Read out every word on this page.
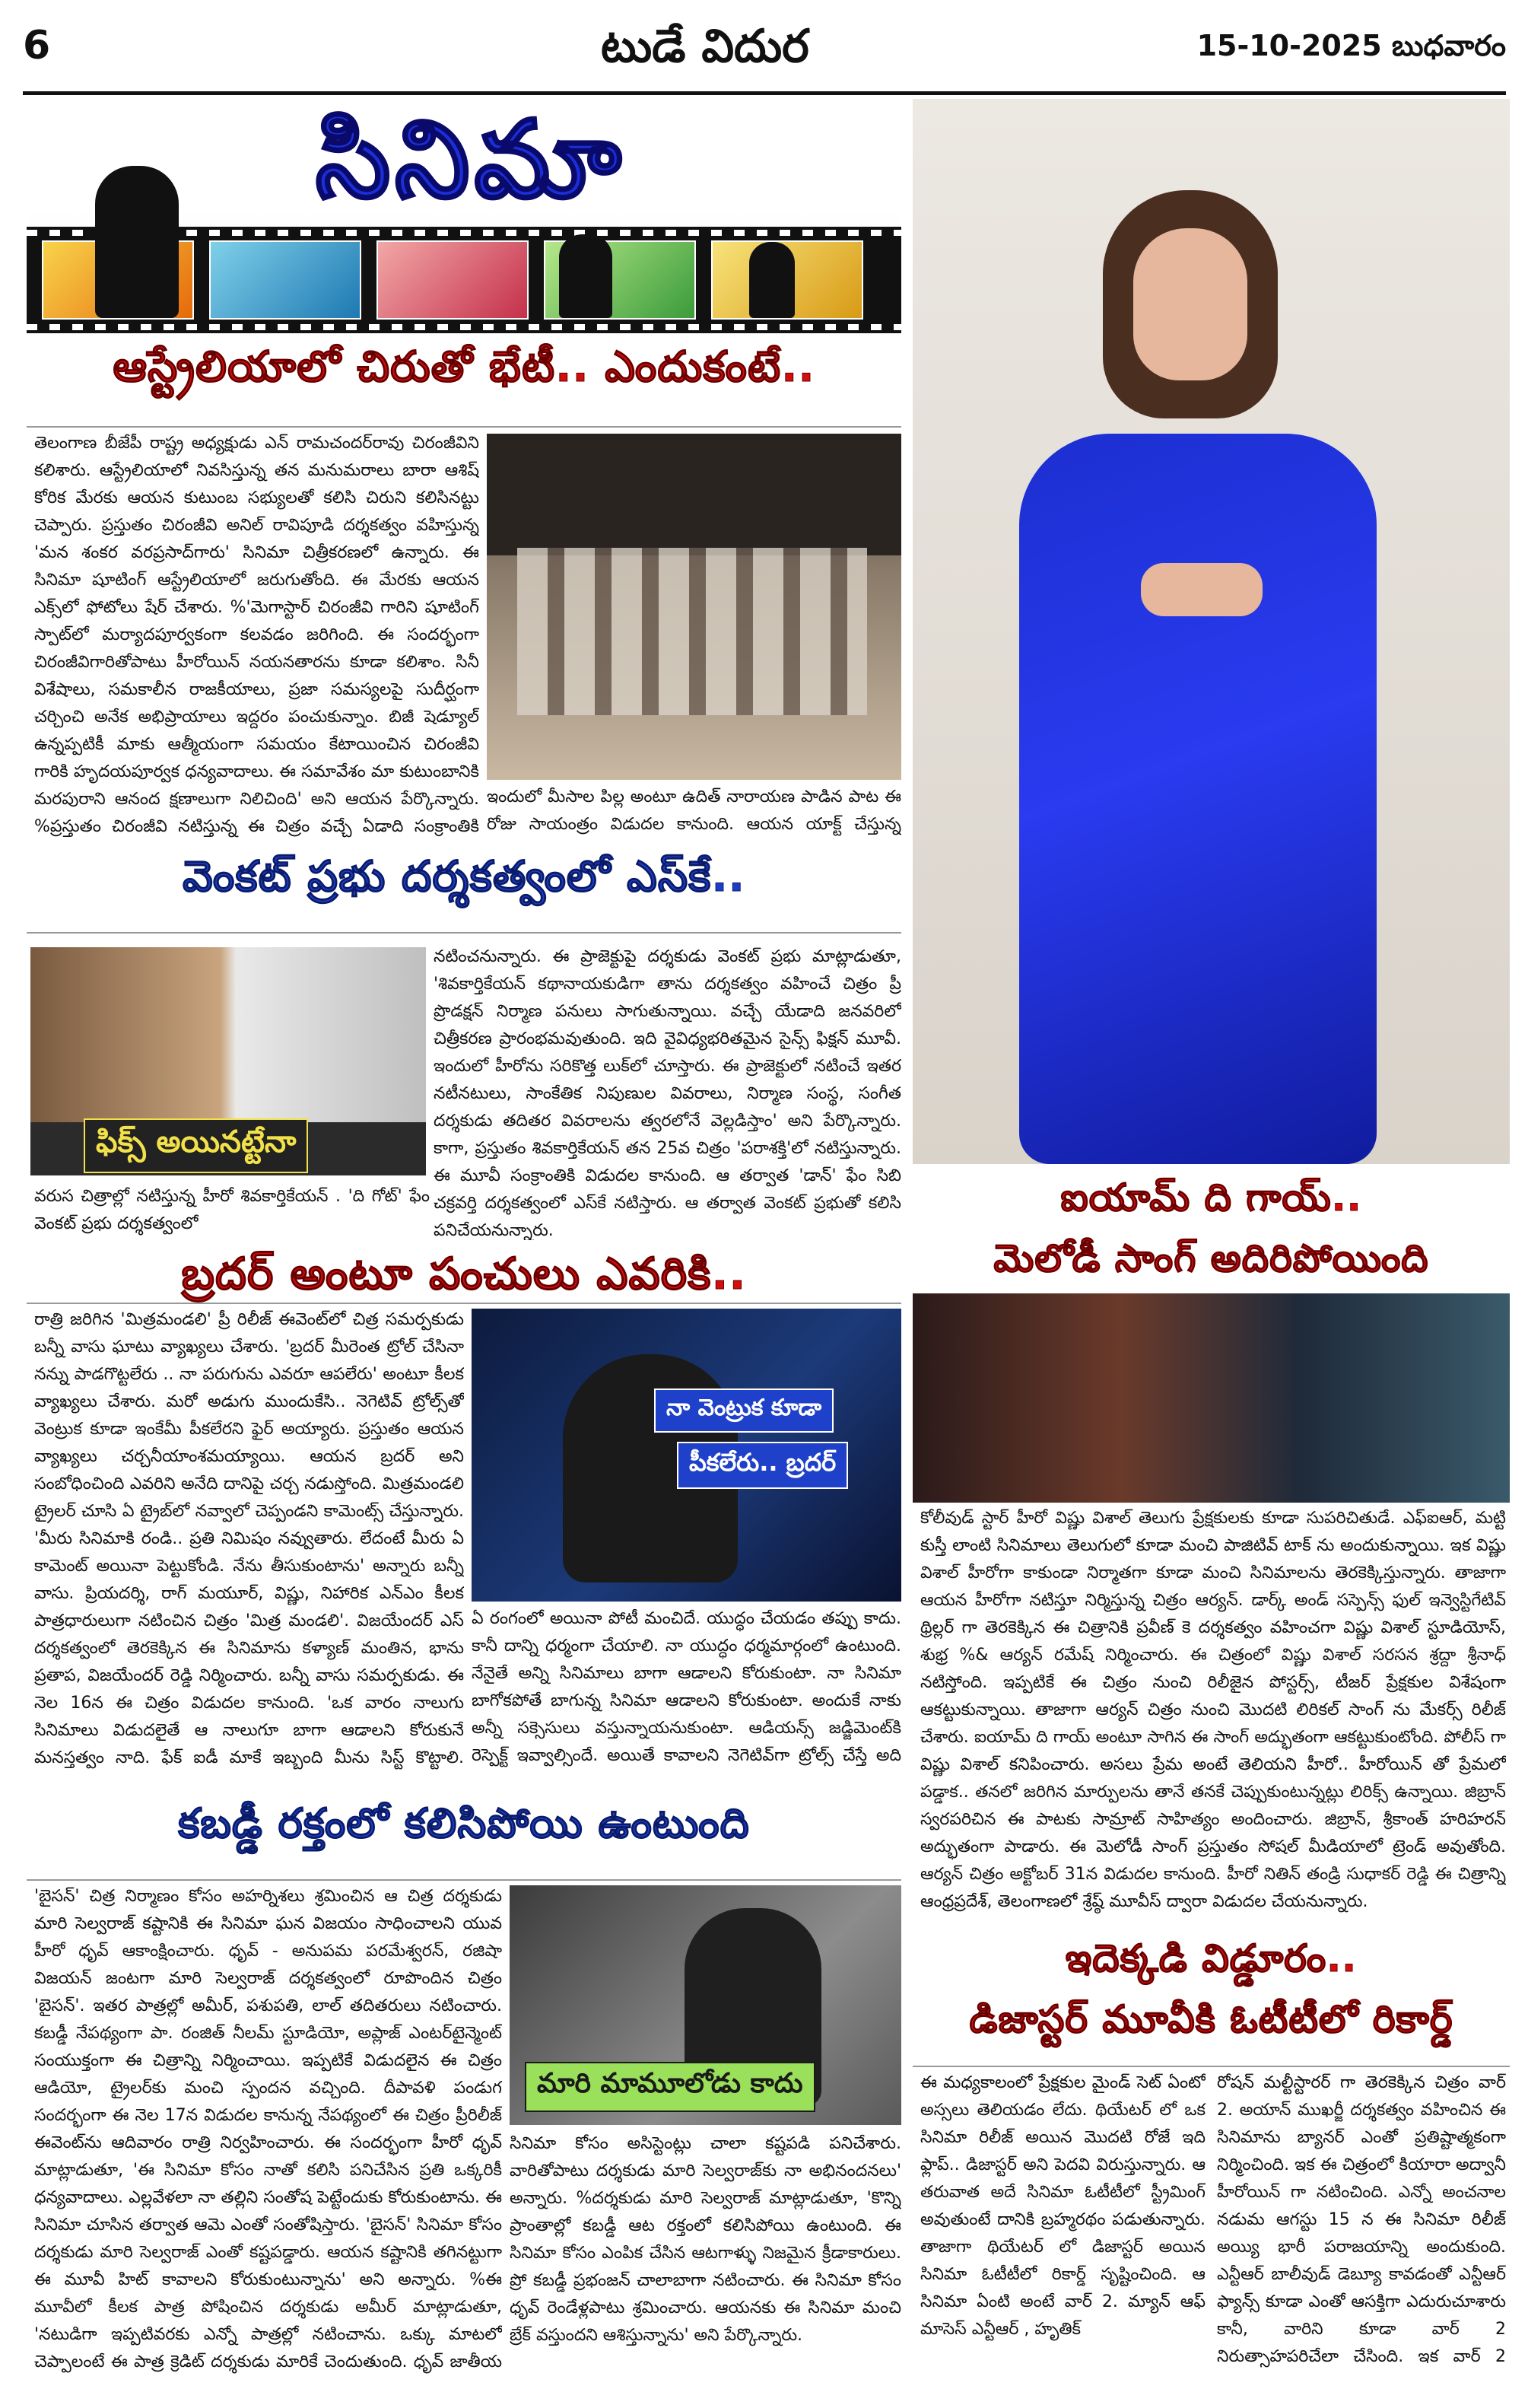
6	టుడే విదుర	15-10-2025 బుధవారం
సినిమా
ఆస్ట్రేలియాలో చిరుతో భేటీ.. ఎందుకంటే..
తెలంగాణ బీజేపీ రాష్ట్ర అధ్యక్షుడు ఎన్ రామచందర్‌రావు చిరంజీవిని కలిశారు. ఆస్ట్రేలియాలో నివసిస్తున్న తన మనుమరాలు బారా ఆశిష్ కోరిక మేరకు ఆయన కుటుంబ సభ్యులతో కలిసి చిరుని కలిసినట్టు చెప్పారు. ప్రస్తుతం చిరంజీవి అనిల్ రావిపూడి దర్శకత్వం వహిస్తున్న 'మన శంకర వరప్రసాద్‌గారు' సినిమా చిత్రీకరణలో ఉన్నారు. ఈ సినిమా షూటింగ్ ఆస్ట్రేలియాలో జరుగుతోంది. ఈ మేరకు ఆయన ఎక్స్‌లో ఫోటోలు షేర్ చేశారు. %'మెగాస్టార్ చిరంజీవి గారిని షూటింగ్ స్పాట్‌లో మర్యాదపూర్వకంగా కలవడం జరిగింది. ఈ సందర్భంగా చిరంజీవిగారితోపాటు హీరోయిన్ నయనతారను కూడా కలిశాం. సినీ విశేషాలు, సమకాలీన రాజకీయాలు, ప్రజా సమస్యలపై సుదీర్ఘంగా చర్చించి అనేక అభిప్రాయాలు ఇద్దరం పంచుకున్నాం. బిజీ షెడ్యూల్ ఉన్నప్పటికీ మాకు ఆత్మీయంగా సమయం కేటాయించిన చిరంజీవి గారికి హృదయపూర్వక ధన్యవాదాలు. ఈ సమావేశం మా కుటుంబానికి మరపురాని ఆనంద క్షణాలుగా నిలిచింది' అని ఆయన పేర్కొన్నారు. %ప్రస్తుతం చిరంజీవి నటిస్తున్న ఈ చిత్రం వచ్చే ఏడాది సంక్రాంతికి
ఇందులో మీసాల పిల్ల అంటూ ఉదిత్ నారాయణ పాడిన పాట ఈ రోజు సాయంత్రం విడుదల కానుంది. ఆయన యాక్ట్ చేస్తున్న
వెంకట్ ప్రభు దర్శకత్వంలో ఎస్‌కే..
ఫిక్స్ అయినట్టేనా
వరుస చిత్రాల్లో నటిస్తున్న హీరో శివకార్తికేయన్ . 'ది గోట్' ఫేం వెంకట్ ప్రభు దర్శకత్వంలో
నటించనున్నారు. ఈ ప్రాజెక్టుపై దర్శకుడు వెంకట్ ప్రభు మాట్లాడుతూ, 'శివకార్తికేయన్ కథానాయకుడిగా తాను దర్శకత్వం వహించే చిత్రం ప్రీ ప్రొడక్షన్ నిర్మాణ పనులు సాగుతున్నాయి. వచ్చే యేడాది జనవరిలో చిత్రీకరణ ప్రారంభమవుతుంది. ఇది వైవిధ్యభరితమైన సైన్స్ ఫిక్షన్ మూవీ. ఇందులో హీరోను సరికొత్త లుక్‌లో చూస్తారు. ఈ ప్రాజెక్టులో నటించే ఇతర నటీనటులు, సాంకేతిక నిపుణుల వివరాలు, నిర్మాణ సంస్థ, సంగీత దర్శకుడు తదితర వివరాలను త్వరలోనే వెల్లడిస్తాం' అని పేర్కొన్నారు. కాగా, ప్రస్తుతం శివకార్తికేయన్ తన 25వ చిత్రం 'పరాశక్తి'లో నటిస్తున్నారు. ఈ మూవీ సంక్రాంతికి విడుదల కానుంది. ఆ తర్వాత 'డాన్' ఫేం సిబి చక్రవర్తి దర్శకత్వంలో ఎస్‌కే నటిస్తారు. ఆ తర్వాత వెంకట్ ప్రభుతో కలిసి పనిచేయనున్నారు.
బ్రదర్ అంటూ పంచులు ఎవరికి..
రాత్రి జరిగిన 'మిత్రమండలి' ప్రీ రిలీజ్ ఈవెంట్‌లో చిత్ర సమర్పకుడు బన్నీ వాసు ఘాటు వ్యాఖ్యలు చేశారు. 'బ్రదర్ మీరెంత ట్రోల్ చేసినా నన్ను పాడగొట్టలేరు .. నా పరుగును ఎవరూ ఆపలేరు' అంటూ కీలక వ్యాఖ్యలు చేశారు. మరో అడుగు ముందుకేసి.. నెగెటివ్ ట్రోల్స్‌తో వెంట్రుక కూడా ఇంకేమీ పీకలేరని ఫైర్ అయ్యారు. ప్రస్తుతం ఆయన వ్యాఖ్యలు చర్చనీయాంశమయ్యాయి. ఆయన బ్రదర్ అని సంబోధించింది ఎవరిని అనేది దానిపై చర్చ నడుస్తోంది. మిత్రమండలి ట్రైలర్ చూసి ఏ ట్రైబ్‌లో నవ్వాలో చెప్పండని కామెంట్స్ చేస్తున్నారు. 'మీరు సినిమాకి రండి.. ప్రతి నిమిషం నవ్వుతారు. లేదంటే మీరు ఏ కామెంట్ అయినా పెట్టుకోండి. నేను తీసుకుంటాను' అన్నారు బన్నీ వాసు. ప్రియదర్శి, రాగ్ మయూర్, విష్ణు, నిహారిక ఎన్‌ఎం కీలక పాత్రధారులుగా నటించిన చిత్రం 'మిత్ర మండలి'. విజయేందర్ ఎస్ దర్శకత్వంలో తెరకెక్కిన ఈ సినిమాను కళ్యాణ్ మంతిన, భాను ప్రతాప, విజయేందర్ రెడ్డి నిర్మించారు. బన్నీ వాసు సమర్పకుడు. ఈ నెల 16న ఈ చిత్రం విడుదల కానుంది. 'ఒక వారం నాలుగు సినిమాలు విడుదలైతే ఆ నాలుగూ బాగా ఆడాలని కోరుకునే మనస్తత్వం నాది. ఫేక్ ఐడీ మాకే ఇబ్బంది మీను సిస్ట్ కొట్టాలి.
నా వెంట్రుక కూడా
పీకలేరు.. బ్రదర్
ఏ రంగంలో అయినా పోటీ మంచిదే. యుద్ధం చేయడం తప్పు కాదు. కానీ దాన్ని ధర్మంగా చేయాలి. నా యుద్ధం ధర్మమార్గంలో ఉంటుంది. నేనైతే అన్ని సినిమాలు బాగా ఆడాలని కోరుకుంటా. నా సినిమా బాగోకపోతే బాగున్న సినిమా ఆడాలని కోరుకుంటా. అందుకే నాకు అన్నీ సక్సెసులు వస్తున్నాయనుకుంటా. ఆడియన్స్ జడ్జిమెంట్‌కి రెస్పెక్ట్ ఇవ్వాల్సిందే. అయితే కావాలని నెగెటివ్‌గా ట్రోల్స్ చేస్తే అది
కబడ్డీ రక్తంలో కలిసిపోయి ఉంటుంది
'బైసన్' చిత్ర నిర్మాణం కోసం అహర్నిశలు శ్రమించిన ఆ చిత్ర దర్శకుడు మారి సెల్వరాజ్ కష్టానికి ఈ సినిమా ఘన విజయం సాధించాలని యువ హీరో ధృవ్ ఆకాంక్షించారు. ధృవ్ - అనుపమ పరమేశ్వరన్, రజిషా విజయన్ జంటగా మారి సెల్వరాజ్ దర్శకత్వంలో రూపొందిన చిత్రం 'బైసన్'. ఇతర పాత్రల్లో అమీర్, పశుపతి, లాల్ తదితరులు నటించారు. కబడ్డీ నేపథ్యంగా పా. రంజిత్ నీలమ్ స్టూడియో, అప్లాజ్ ఎంటర్‌టైన్మెంట్ సంయుక్తంగా ఈ చిత్రాన్ని నిర్మించాయి. ఇప్పటికే విడుదలైన ఈ చిత్రం ఆడియో, ట్రైలర్‌కు మంచి స్పందన వచ్చింది. దీపావళి పండుగ సందర్భంగా ఈ నెల 17న విడుదల కానున్న నేపథ్యంలో ఈ చిత్రం ప్రీరిలీజ్ ఈవెంట్‌ను ఆదివారం రాత్రి నిర్వహించారు. ఈ సందర్భంగా హీరో ధృవ్ మాట్లాడుతూ, 'ఈ సినిమా కోసం నాతో కలిసి పనిచేసిన ప్రతి ఒక్కరికీ ధన్యవాదాలు. ఎల్లవేళలా నా తల్లిని సంతోష పెట్టేందుకు కోరుకుంటాను. ఈ సినిమా చూసిన తర్వాత ఆమె ఎంతో సంతోషిస్తారు. 'బైసన్' సినిమా కోసం దర్శకుడు మారి సెల్వరాజ్ ఎంతో కష్టపడ్డారు. ఆయన కష్టానికి తగినట్టుగా ఈ మూవీ హిట్ కావాలని కోరుకుంటున్నాను' అని అన్నారు. %ఈ మూవీలో కీలక పాత్ర పోషించిన దర్శకుడు అమీర్ మాట్లాడుతూ, 'నటుడిగా ఇప్పటివరకు ఎన్నో పాత్రల్లో నటించాను. ఒక్కు మాటలో చెప్పాలంటే ఈ పాత్ర క్రెడిట్ దర్శకుడు మారికే చెందుతుంది. ధృవ్ జాతీయ
మారి మామూలోడు కాదు
సినిమా కోసం అసిస్టెంట్లు చాలా కష్టపడి పనిచేశారు. వారితోపాటు దర్శకుడు మారి సెల్వరాజ్‌కు నా అభినందనలు' అన్నారు. %దర్శకుడు మారి సెల్వరాజ్ మాట్లాడుతూ, 'కొన్ని ప్రాంతాల్లో కబడ్డీ ఆట రక్తంలో కలిసిపోయి ఉంటుంది. ఈ సినిమా కోసం ఎంపిక చేసిన ఆటగాళ్ళు నిజమైన క్రీడాకారులు. ప్రో కబడ్డీ ప్రభంజన్ చాలాబాగా నటించారు. ఈ సినిమా కోసం ధృవ్ రెండేళ్లపాటు శ్రమించారు. ఆయనకు ఈ సినిమా మంచి బ్రేక్ వస్తుందని ఆశిస్తున్నాను' అని పేర్కొన్నారు.
ఐయామ్ ది గాయ్..
మెలోడీ సాంగ్ అదిరిపోయింది
కోలీవుడ్ స్టార్ హీరో విష్ణు విశాల్ తెలుగు ప్రేక్షకులకు కూడా సుపరిచితుడే. ఎఫ్‌ఐఆర్, మట్టి కుస్తీ లాంటి సినిమాలు తెలుగులో కూడా మంచి పాజిటివ్ టాక్ ను అందుకున్నాయి. ఇక విష్ణు విశాల్ హీరోగా కాకుండా నిర్మాతగా కూడా మంచి సినిమాలను తెరకెక్కిస్తున్నారు. తాజాగా ఆయన హీరోగా నటిస్తూ నిర్మిస్తున్న చిత్రం ఆర్యన్. డార్క్ అండ్ సస్పెన్స్ ఫుల్ ఇన్వెస్టిగేటివ్ థ్రిల్లర్ గా తెరకెక్కిన ఈ చిత్రానికి ప్రవీణ్ కె దర్శకత్వం వహించగా విష్ణు విశాల్ స్టూడియోస్, శుభ్ర %& ఆర్యన్ రమేష్ నిర్మించారు. ఈ చిత్రంలో విష్ణు విశాల్ సరసన శ్రద్దా శ్రీనాధ్ నటిస్తోంది. ఇప్పటికే ఈ చిత్రం నుంచి రిలీజైన పోస్టర్స్, టీజర్ ప్రేక్షకుల విశేషంగా ఆకట్టుకున్నాయి. తాజాగా ఆర్యన్ చిత్రం నుంచి మొదటి లిరికల్ సాంగ్ ను మేకర్స్ రిలీజ్ చేశారు. ఐయామ్ ది గాయ్ అంటూ సాగిన ఈ సాంగ్ అద్భుతంగా ఆకట్టుకుంటోంది. పోలీస్ గా విష్ణు విశాల్ కనిపించారు. అసలు ప్రేమ అంటే తెలియని హీరో.. హీరోయిన్ తో ప్రేమలో పడ్డాక.. తనలో జరిగిన మార్పులను తానే తనకే చెప్పుకుంటున్నట్లు లిరిక్స్ ఉన్నాయి. జిబ్రాన్ స్వరపరిచిన ఈ పాటకు సామ్రాట్ సాహిత్యం అందించారు. జిబ్రాన్, శ్రీకాంత్ హరిహరన్ అద్భుతంగా పాడారు. ఈ మెలోడీ సాంగ్ ప్రస్తుతం సోషల్ మీడియాలో ట్రెండ్ అవుతోంది. ఆర్యన్ చిత్రం అక్టోబర్ 31న విడుదల కానుంది. హీరో నితిన్ తండ్రి సుధాకర్ రెడ్డి ఈ చిత్రాన్ని ఆంధ్రప్రదేశ్, తెలంగాణలో శ్రేష్ఠ్ మూవీస్ ద్వారా విడుదల చేయనున్నారు.
ఇదెక్కడి విడ్డూరం..
డిజాస్టర్ మూవీకి ఓటీటీలో రికార్డ్
ఈ మధ్యకాలంలో ప్రేక్షకుల మైండ్ సెట్ ఏంటో అస్సలు తెలియడం లేదు. థియేటర్ లో ఒక సినిమా రిలీజ్ అయిన మొదటి రోజే ఇది ఫ్లాప్.. డిజాస్టర్ అని పెదవి విరుస్తున్నారు. ఆ తరువాత అదే సినిమా ఓటీటీలో స్ట్రీమింగ్ అవుతుంటే దానికి బ్రహ్మరథం పడుతున్నారు. తాజాగా థియేటర్ లో డిజాస్టర్ అయిన సినిమా ఓటీటీలో రికార్డ్ సృష్టించింది. ఆ సినిమా ఏంటి అంటే వార్ 2. మ్యాన్ ఆఫ్ మాసెస్ ఎన్టీఆర్ , హృతిక్
రోషన్ మల్టీస్టారర్ గా తెరకెక్కిన చిత్రం వార్ 2. అయాన్ ముఖర్జీ దర్శకత్వం వహించిన ఈ సినిమాను బ్యానర్ ఎంతో ప్రతిష్టాత్మకంగా నిర్మించింది. ఇక ఈ చిత్రంలో కియారా అద్వానీ హీరోయిన్ గా నటించింది. ఎన్నో అంచనాల నడుమ ఆగస్టు 15 న ఈ సినిమా రిలీజ్ అయ్యి భారీ పరాజయాన్ని అందుకుంది. ఎన్టీఆర్ బాలీవుడ్ డెబ్యూ కావడంతో ఎన్టీఆర్ ఫ్యాన్స్ కూడా ఎంతో ఆసక్తిగా ఎదురుచూశారు కానీ, వారిని కూడా వార్ 2 నిరుత్సాహపరిచేలా చేసింది. ఇక వార్ 2
